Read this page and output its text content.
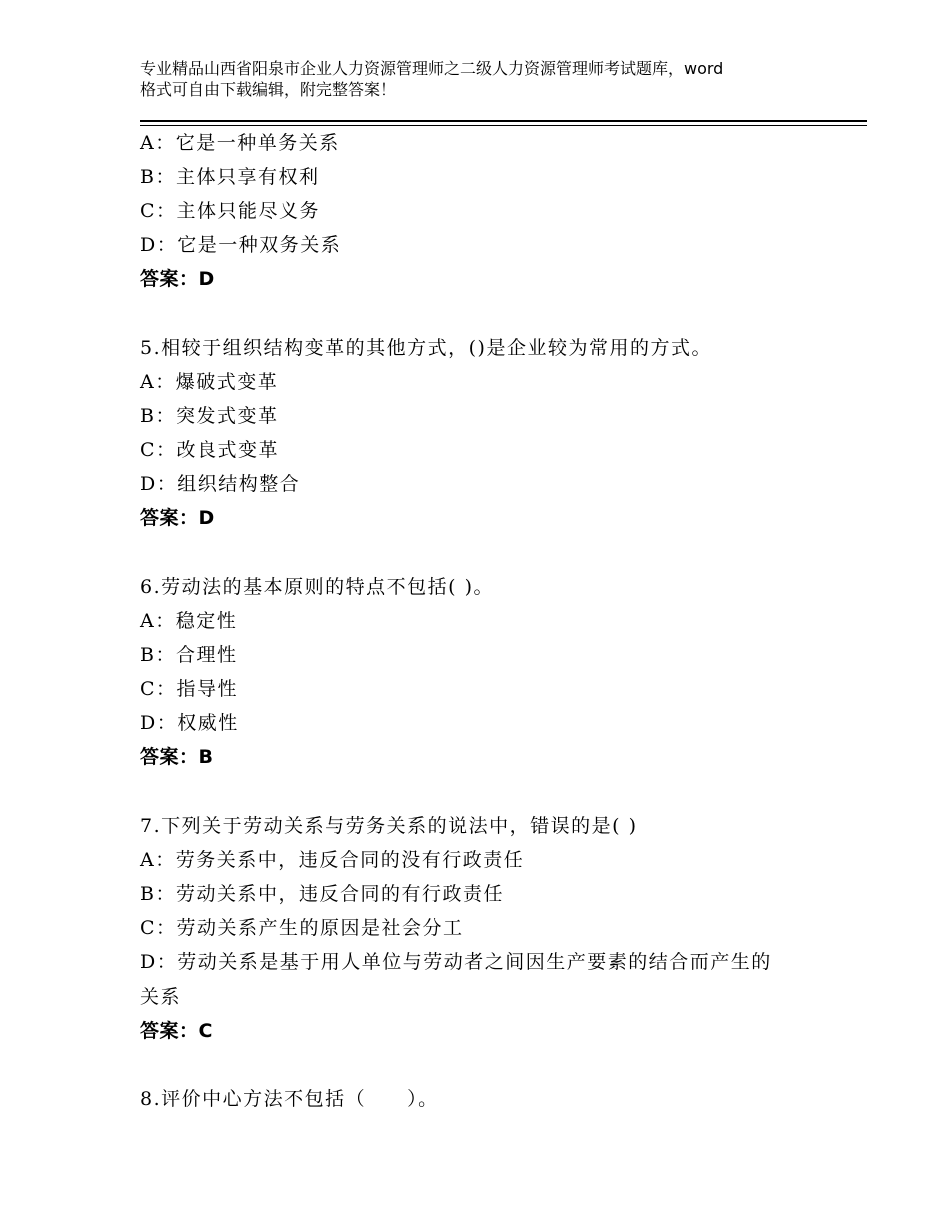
专业精品山西省阳泉市企业人力资源管理师之二级人力资源管理师考试题库，word
格式可自由下载编辑，附完整答案！
A：它是一种单务关系
B：主体只享有权利
C：主体只能尽义务
D：它是一种双务关系
答案：D
5.相较于组织结构变革的其他方式，()是企业较为常用的方式。
A：爆破式变革
B：突发式变革
C：改良式变革
D：组织结构整合
答案：D
6.劳动法的基本原则的特点不包括( )。
A：稳定性
B：合理性
C：指导性
D：权威性
答案：B
7.下列关于劳动关系与劳务关系的说法中，错误的是( )
A：劳务关系中，违反合同的没有行政责任
B：劳动关系中，违反合同的有行政责任
C：劳动关系产生的原因是社会分工
D：劳动关系是基于用人单位与劳动者之间因生产要素的结合而产生的
关系
答案：C
8.评价中心方法不包括（　　）。
